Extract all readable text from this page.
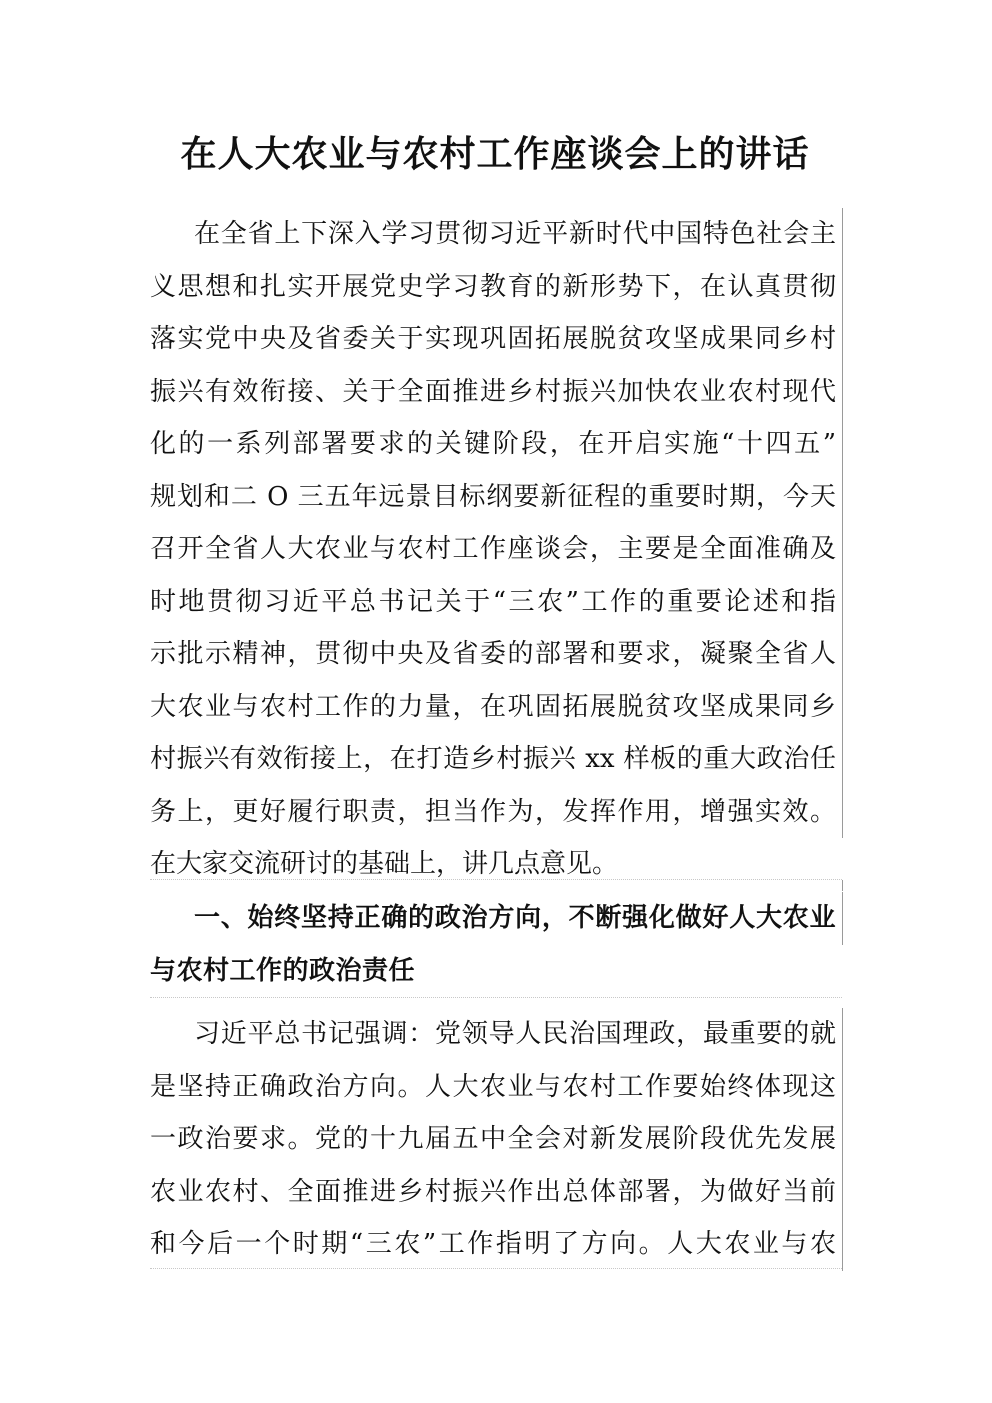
在人大农业与农村工作座谈会上的讲话
在全省上下深入学习贯彻习近平新时代中国特色社会主
义思想和扎实开展党史学习教育的新形势下，在认真贯彻
落实党中央及省委关于实现巩固拓展脱贫攻坚成果同乡村
振兴有效衔接、关于全面推进乡村振兴加快农业农村现代
化的一系列部署要求的关键阶段，在开启实施“十四五”
规划和二 O 三五年远景目标纲要新征程的重要时期，今天
召开全省人大农业与农村工作座谈会，主要是全面准确及
时地贯彻习近平总书记关于“三农”工作的重要论述和指
示批示精神，贯彻中央及省委的部署和要求，凝聚全省人
大农业与农村工作的力量，在巩固拓展脱贫攻坚成果同乡
村振兴有效衔接上，在打造乡村振兴 xx 样板的重大政治任
务上，更好履行职责，担当作为，发挥作用，增强实效。
在大家交流研讨的基础上，讲几点意见。
一、始终坚持正确的政治方向，不断强化做好人大农业
与农村工作的政治责任
习近平总书记强调：党领导人民治国理政，最重要的就
是坚持正确政治方向。人大农业与农村工作要始终体现这
一政治要求。党的十九届五中全会对新发展阶段优先发展
农业农村、全面推进乡村振兴作出总体部署，为做好当前
和今后一个时期“三农”工作指明了方向。人大农业与农
